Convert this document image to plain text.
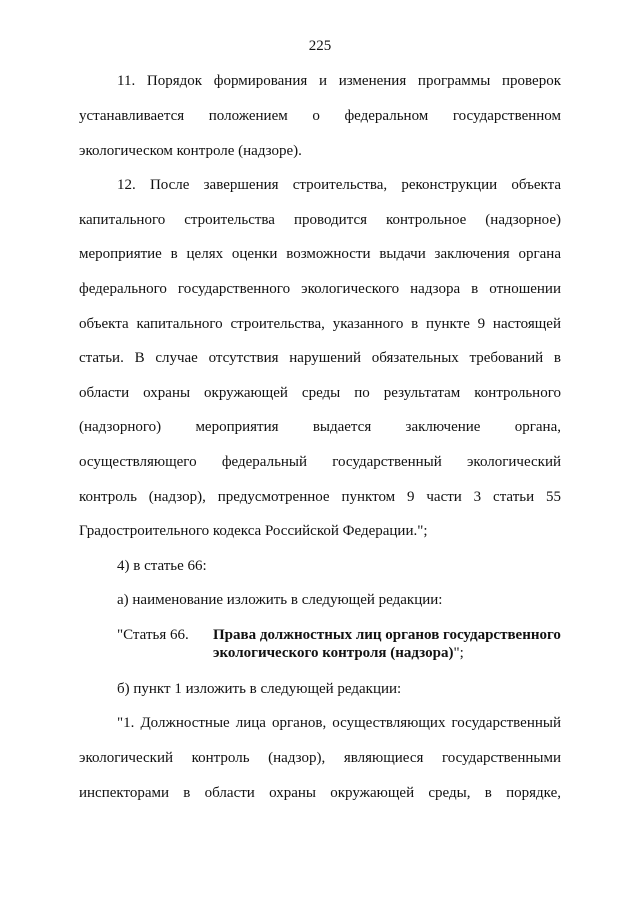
225
11. Порядок формирования и изменения программы проверок
устанавливается положением о федеральном государственном
экологическом контроле (надзоре).
12. После завершения строительства, реконструкции объекта
капитального строительства проводится контрольное (надзорное)
мероприятие в целях оценки возможности выдачи заключения органа
федерального государственного экологического надзора в отношении
объекта капитального строительства, указанного в пункте 9 настоящей
статьи. В случае отсутствия нарушений обязательных требований в
области охраны окружающей среды по результатам контрольного
(надзорного) мероприятия выдается заключение органа,
осуществляющего федеральный государственный экологический
контроль (надзор), предусмотренное пунктом 9 части 3 статьи 55
Градостроительного кодекса Российской Федерации.";
4) в статье 66:
а) наименование изложить в следующей редакции:
"Статья 66. Права должностных лиц органов государственного
экологического контроля (надзора)";
б) пункт 1 изложить в следующей редакции:
"1. Должностные лица органов, осуществляющих государственный
экологический контроль (надзор), являющиеся государственными
инспекторами в области охраны окружающей среды, в порядке,
